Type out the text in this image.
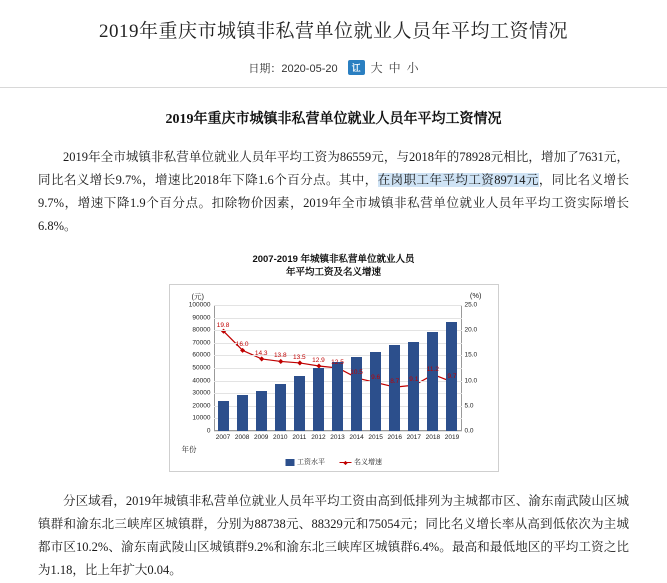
2019年重庆市城镇非私营单位就业人员年平均工资情况
日期：2020-05-20	讧 大 中 小
2019年重庆市城镇非私营单位就业人员年平均工资情况

2019年全市城镇非私营单位就业人员年平均工资为86559元，与2018年的78928元相比，增加了7631元，同比名义增长9.7%，增速比2018年下降1.6个百分点。其中，在岗职工年平均工资89714元，同比名义增长9.7%，增速下降1.9个百分点。扣除物价因素，2019年全市城镇非私营单位就业人员年平均工资实际增长6.8%。

2007-2019 年城镇非私营单位就业人员
年平均工资及名义增速
(元)	(%)
年份
0
10000
20000
30000
40000
50000
60000
70000
80000
90000
100000
0.0
5.0
10.0
15.0
20.0
25.0
2007 2008 2009 2010 2011 2012 2013 2014 2015 2016 2017 2018 2019
19.8
16.0
14.3 13.8 13.5 12.9 12.5
10.5
9.6
8.7 9.1
11.2
9.7
工资水平	名义增速

分区域看，2019年城镇非私营单位就业人员年平均工资由高到低排列为主城都市区、渝东南武陵山区城镇群和渝东北三峡库区城镇群，分别为88738元、88329元和75054元；同比名义增长率从高到低依次为主城都市区10.2%、渝东南武陵山区城镇群9.2%和渝东北三峡库区城镇群6.4%。最高和最低地区的平均工资之比为1.18，比上年扩大0.04。
